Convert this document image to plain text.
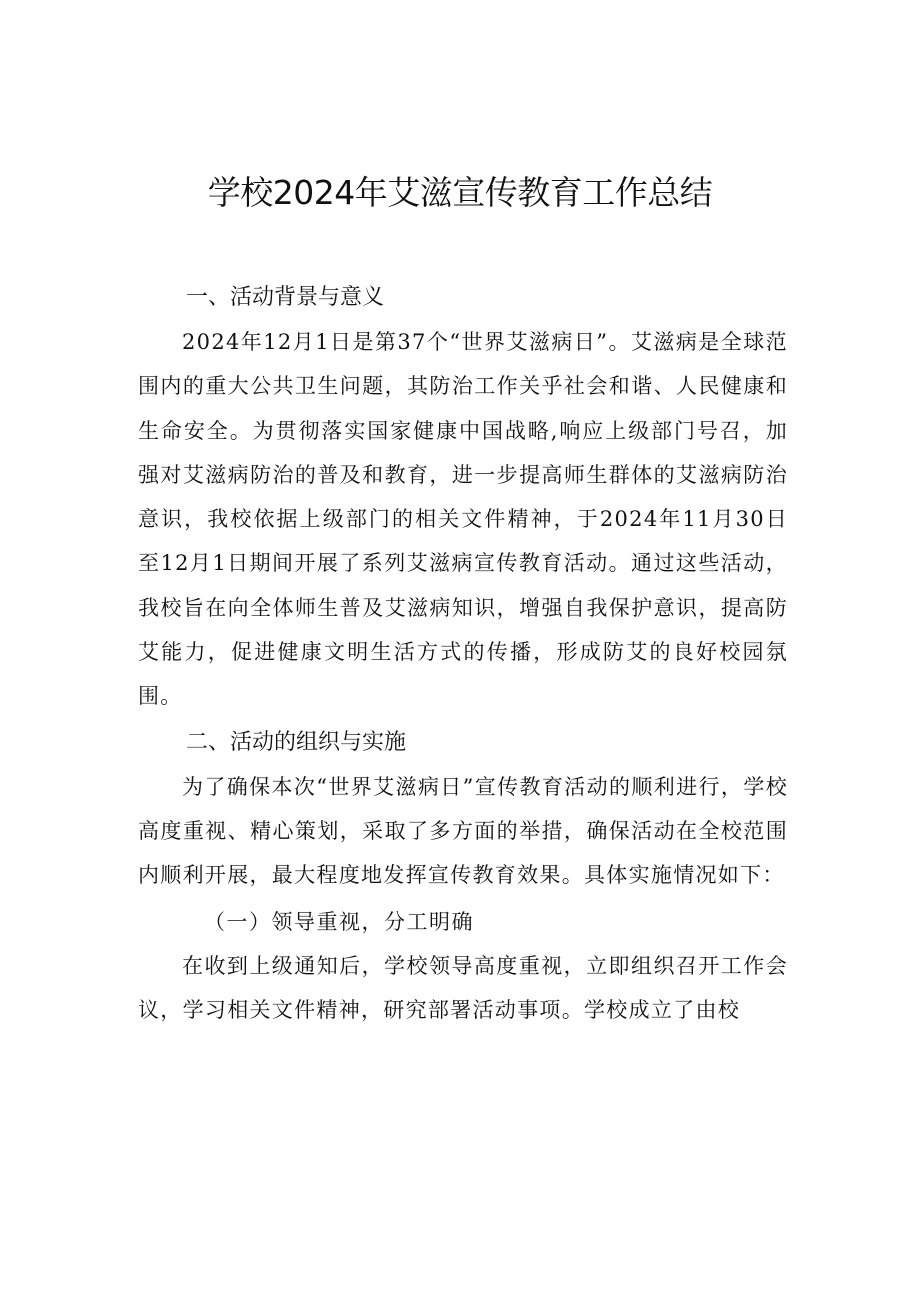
学校2024年艾滋宣传教育工作总结
一、活动背景与意义

2024年12月1日是第37个“世界艾滋病日”。艾滋病是全球范围内的重大公共卫生问题，其防治工作关乎社会和谐、人民健康和生命安全。为贯彻落实国家健康中国战略,响应上级部门号召，加强对艾滋病防治的普及和教育，进一步提高师生群体的艾滋病防治意识，我校依据上级部门的相关文件精神，于2024年11月30日至12月1日期间开展了系列艾滋病宣传教育活动。通过这些活动，我校旨在向全体师生普及艾滋病知识，增强自我保护意识，提高防艾能力，促进健康文明生活方式的传播，形成防艾的良好校园氛围。

二、活动的组织与实施

为了确保本次“世界艾滋病日”宣传教育活动的顺利进行，学校高度重视、精心策划，采取了多方面的举措，确保活动在全校范围内顺利开展，最大程度地发挥宣传教育效果。具体实施情况如下：

（一）领导重视，分工明确

在收到上级通知后，学校领导高度重视，立即组织召开工作会议，学习相关文件精神，研究部署活动事项。学校成立了由校
